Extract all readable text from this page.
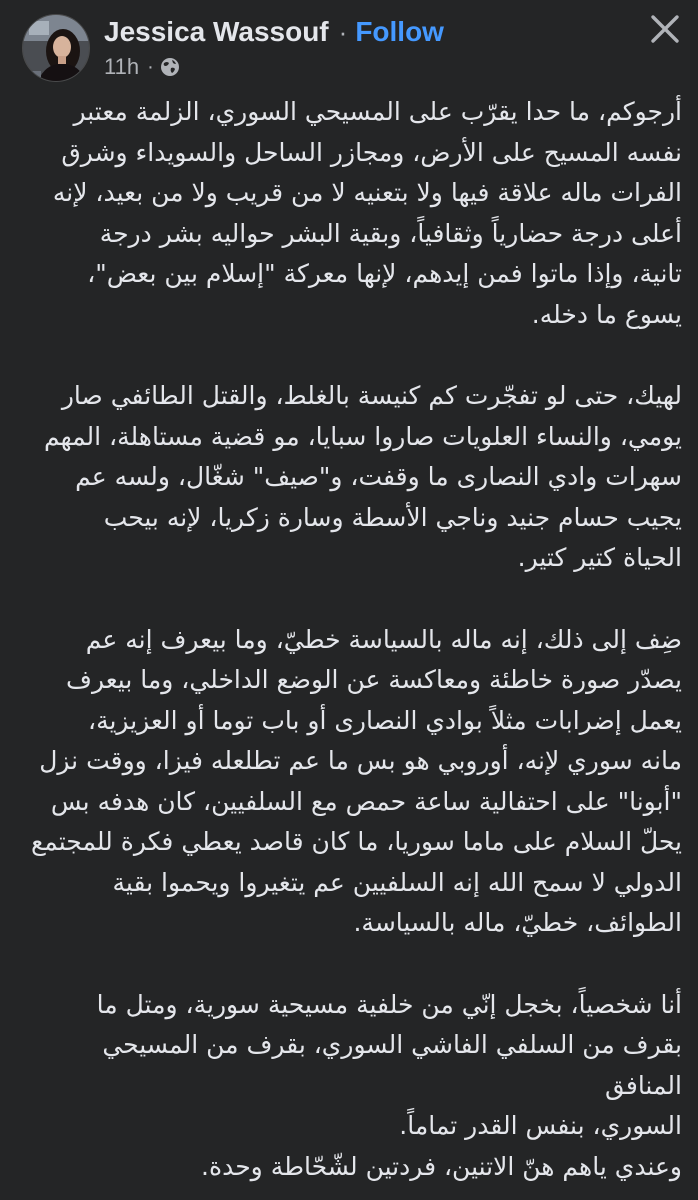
Jessica Wassouf · Follow
11h ·

أرجوكم، ما حدا يقرّب على المسيحي السوري، الزلمة معتبر
نفسه المسيح على الأرض، ومجازر الساحل والسويداء وشرق
الفرات ماله علاقة فيها ولا بتعنيه لا من قريب ولا من بعيد، لإنه
أعلى درجة حضارياً وثقافياً، وبقية البشر حواليه بشر درجة
تانية، وإذا ماتوا فمن إيدهم، لإنها معركة "إسلام بين بعض"،
يسوع ما دخله.

لهيك، حتى لو تفجّرت كم كنيسة بالغلط، والقتل الطائفي صار
يومي، والنساء العلويات صاروا سبايا، مو قضية مستاهلة، المهم
سهرات وادي النصارى ما وقفت، و"صيف" شغّال، ولسه عم
يجيب حسام جنيد وناجي الأسطة وسارة زكريا، لإنه بيحب
الحياة كتير كتير.

ضِف إلى ذلك، إنه ماله بالسياسة خطيّ، وما بيعرف إنه عم
يصدّر صورة خاطئة ومعاكسة عن الوضع الداخلي، وما بيعرف
يعمل إضرابات مثلاً بوادي النصارى أو باب توما أو العزيزية،
مانه سوري لإنه، أوروبي هو بس ما عم تطلعله فيزا، ووقت نزل
"أبونا" على احتفالية ساعة حمص مع السلفيين، كان هدفه بس
يحلّ السلام على ماما سوريا، ما كان قاصد يعطي فكرة للمجتمع
الدولي لا سمح الله إنه السلفيين عم يتغيروا ويحموا بقية
الطوائف، خطيّ، ماله بالسياسة.

أنا شخصياً، بخجل إنّي من خلفية مسيحية سورية، ومتل ما
بقرف من السلفي الفاشي السوري، بقرف من المسيحي المنافق
السوري، بنفس القدر تماماً.
وعندي ياهم هنّ الاتنين، فردتين لشّحّاطة وحدة.
